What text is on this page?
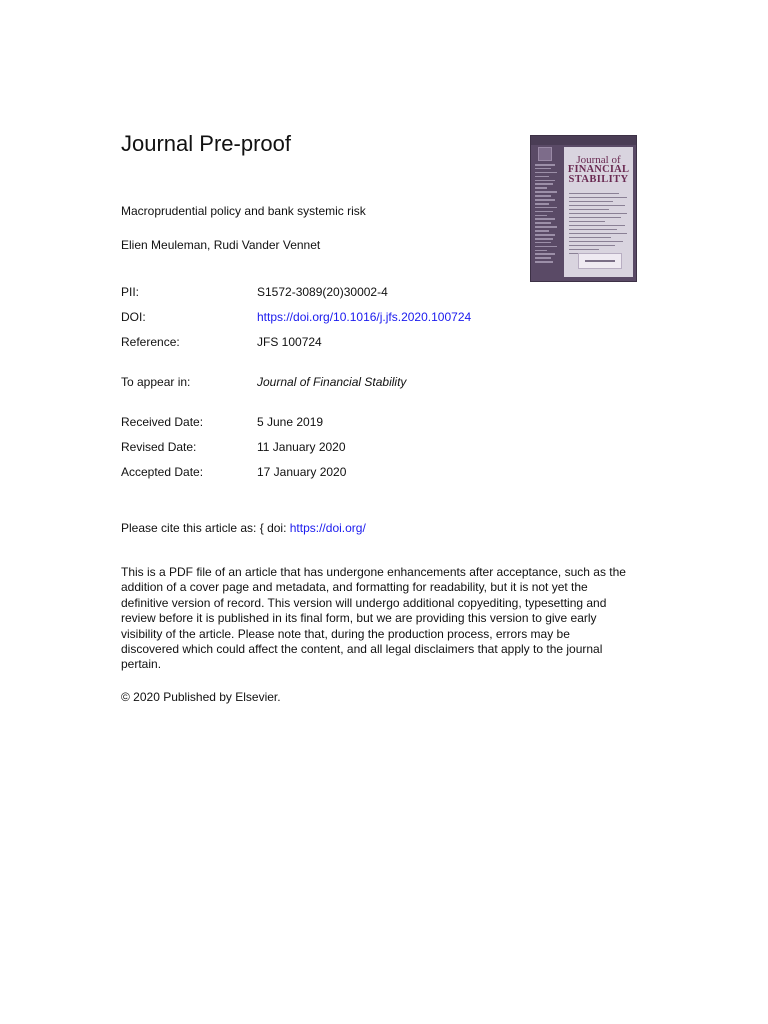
Journal Pre-proof
Journal of
FINANCIAL
STABILITY
Macroprudential policy and bank systemic risk
Elien Meuleman, Rudi Vander Vennet
PII:	S1572-3089(20)30002-4
DOI:	https://doi.org/10.1016/j.jfs.2020.100724
Reference:	JFS 100724
To appear in:	Journal of Financial Stability
Received Date:	5 June 2019
Revised Date:	11 January 2020
Accepted Date:	17 January 2020
Please cite this article as: { doi: https://doi.org/
This is a PDF file of an article that has undergone enhancements after acceptance, such as the addition of a cover page and metadata, and formatting for readability, but it is not yet the definitive version of record. This version will undergo additional copyediting, typesetting and review before it is published in its final form, but we are providing this version to give early visibility of the article. Please note that, during the production process, errors may be discovered which could affect the content, and all legal disclaimers that apply to the journal pertain.
© 2020 Published by Elsevier.
